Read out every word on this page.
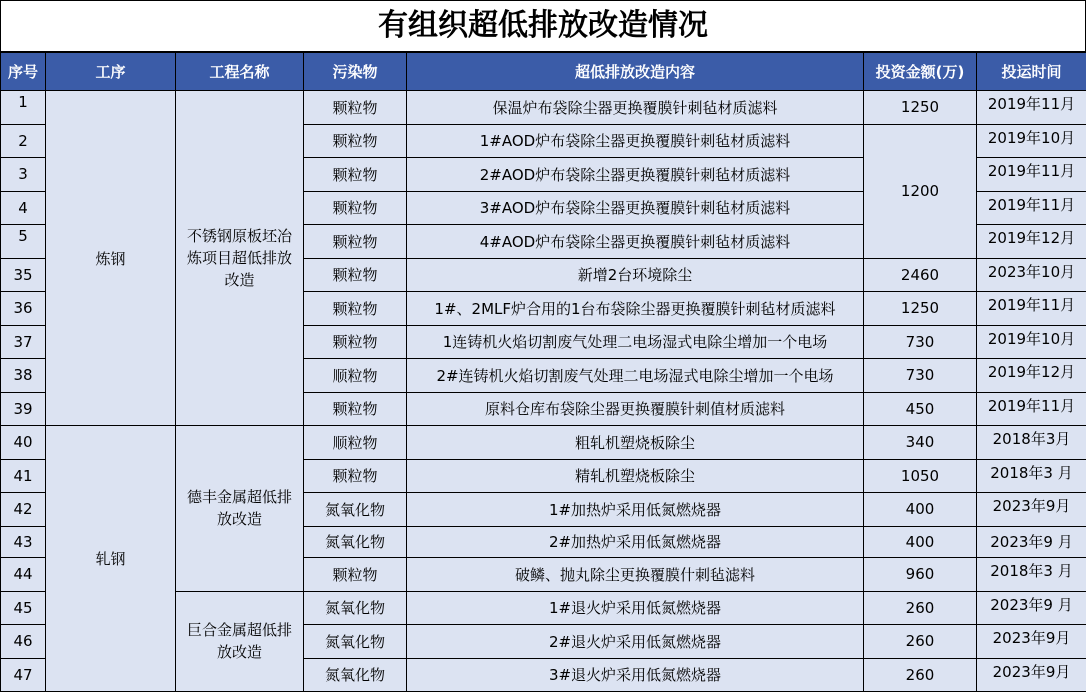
有组织超低排放改造情况
序号	工序	工程名称	污染物	超低排放改造内容	投资金额(万)	投运时间
1	炼钢	不锈钢原板坯冶炼项目超低排放改造	颗粒物	保温炉布袋除尘器更换覆膜针刺毡材质滤料	1250	2019年11月
2			颗粒物	1#AOD炉布袋除尘器更换覆膜针刺毡材质滤料	1200	2019年10月
3			颗粒物	2#AOD炉布袋除尘器更换覆膜针刺毡材质滤料		2019年11月
4			颗粒物	3#AOD炉布袋除尘器更换覆膜针刺毡材质滤料		2019年11月
5			颗粒物	4#AOD炉布袋除尘器更换覆膜针刺毡材质滤料		2019年12月
35			颗粒物	新增2台环境除尘	2460	2023年10月
36			颗粒物	1#、2MLF炉合用的1台布袋除尘器更换覆膜针刺毡材质滤料	1250	2019年11月
37			颗粒物	1连铸机火焰切割废气处理二电场湿式电除尘增加一个电场	730	2019年10月
38			顺粒物	2#连铸机火焰切割废气处理二电场湿式电除尘增加一个电场	730	2019年12月
39			颗粒物	原料仓库布袋除尘器更换覆膜针刺值材质滤料	450	2019年11月
40	轧钢	德丰金属超低排放改造	顺粒物	粗轧机塑烧板除尘	340	2018年3月
41			颗粒物	精轧机塑烧板除尘	1050	2018年3 月
42			氮氧化物	1#加热炉采用低氮燃烧器	400	2023年9月
43			氮氧化物	2#加热炉采用低氮燃烧器	400	2023年9 月
44			颗粒物	破鳞、抛丸除尘更换覆膜什刺毡滤料	960	2018年3 月
45		巨合金属超低排放改造	氮氧化物	1#退火炉采用低氮燃烧器	260	2023年9 月
46			氮氧化物	2#退火炉采用低氮燃烧器	260	2023年9月
47			氮氧化物	3#退火炉采用低氮燃烧器	260	2023年9月
